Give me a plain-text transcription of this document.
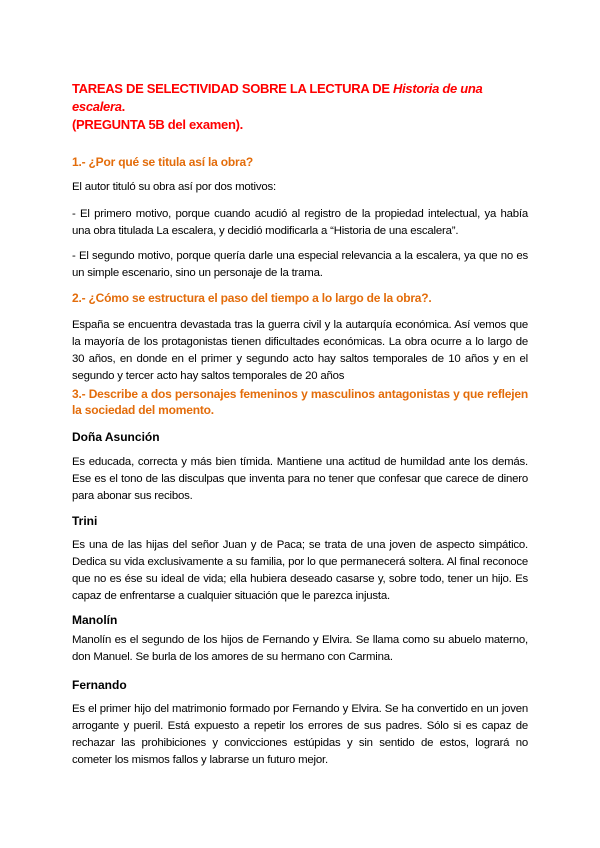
TAREAS DE SELECTIVIDAD SOBRE LA LECTURA DE Historia de una escalera.
(PREGUNTA 5B del examen).
1.- ¿Por qué se titula así la obra?
El autor tituló su obra así por dos motivos:
- El primero motivo, porque cuando acudió al registro de la propiedad intelectual, ya había una obra titulada La escalera, y decidió modificarla a “Historia de una escalera”.
- El segundo motivo, porque quería darle una especial relevancia a la escalera, ya que no es un simple escenario, sino un personaje de la trama.
2.- ¿Cómo se estructura el paso del tiempo a lo largo de la obra?.
España se encuentra devastada tras la guerra civil y la autarquía económica. Así vemos que la mayoría de los protagonistas tienen dificultades económicas. La obra ocurre a lo largo de 30 años, en donde en el primer y segundo acto hay saltos temporales de 10 años y en el segundo y tercer acto hay saltos temporales de 20 años
3.- Describe a dos personajes femeninos y masculinos antagonistas y que reflejen la sociedad del momento.
Doña Asunción
Es educada, correcta y más bien tímida. Mantiene una actitud de humildad ante los demás. Ese es el tono de las disculpas que inventa para no tener que confesar que carece de dinero para abonar sus recibos.
Trini
Es una de las hijas del señor Juan y de Paca; se trata de una joven de aspecto simpático. Dedica su vida exclusivamente a su familia, por lo que permanecerá soltera. Al final reconoce que no es ése su ideal de vida; ella hubiera deseado casarse y, sobre todo, tener un hijo. Es capaz de enfrentarse a cualquier situación que le parezca injusta.
Manolín
Manolín es el segundo de los hijos de Fernando y Elvira. Se llama como su abuelo materno, don Manuel. Se burla de los amores de su hermano con Carmina.
Fernando
Es el primer hijo del matrimonio formado por Fernando y Elvira. Se ha convertido en un joven arrogante y pueril. Está expuesto a repetir los errores de sus padres. Sólo si es capaz de rechazar las prohibiciones y convicciones estúpidas y sin sentido de estos, logrará no cometer los mismos fallos y labrarse un futuro mejor.
